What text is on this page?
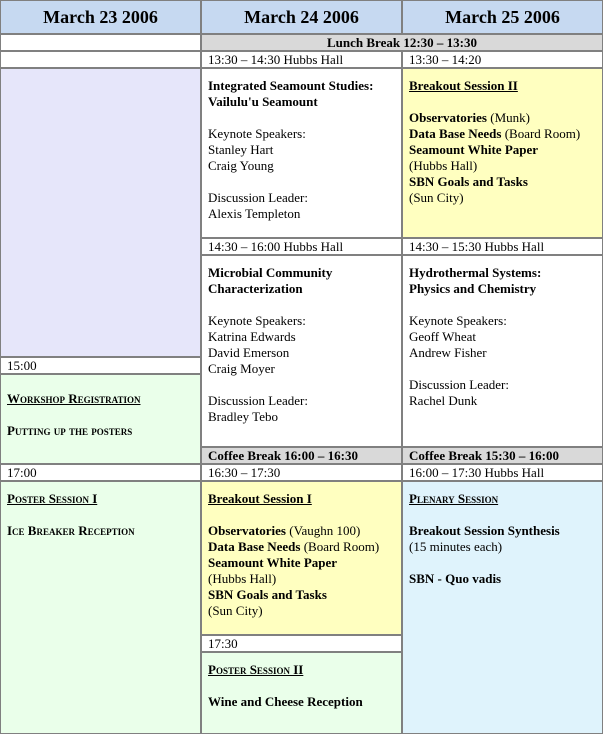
March 23 2006	March 24 2006	March 25 2006
Lunch Break 12:30 – 13:30
15:00
Workshop Registration
Putting up the posters
17:00
Poster Session I
Ice Breaker Reception
13:30 – 14:30 Hubbs Hall
Integrated Seamount Studies:
Vailulu'u Seamount
Keynote Speakers:
Stanley Hart
Craig Young
Discussion Leader:
Alexis Templeton
14:30 – 16:00 Hubbs Hall
Microbial Community
Characterization
Keynote Speakers:
Katrina Edwards
David Emerson
Craig Moyer
Discussion Leader:
Bradley Tebo
Coffee Break 16:00 – 16:30
16:30 – 17:30
Breakout Session I
Observatories (Vaughn 100)
Data Base Needs (Board Room)
Seamount White Paper
(Hubbs Hall)
SBN Goals and Tasks
(Sun City)
17:30
Poster Session II
Wine and Cheese Reception
13:30 – 14:20
Breakout Session II
Observatories (Munk)
Data Base Needs (Board Room)
Seamount White Paper
(Hubbs Hall)
SBN Goals and Tasks
(Sun City)
14:30 – 15:30 Hubbs Hall
Hydrothermal Systems:
Physics and Chemistry
Keynote Speakers:
Geoff Wheat
Andrew Fisher
Discussion Leader:
Rachel Dunk
Coffee Break 15:30 – 16:00
16:00 – 17:30 Hubbs Hall
Plenary Session
Breakout Session Synthesis
(15 minutes each)
SBN - Quo vadis
